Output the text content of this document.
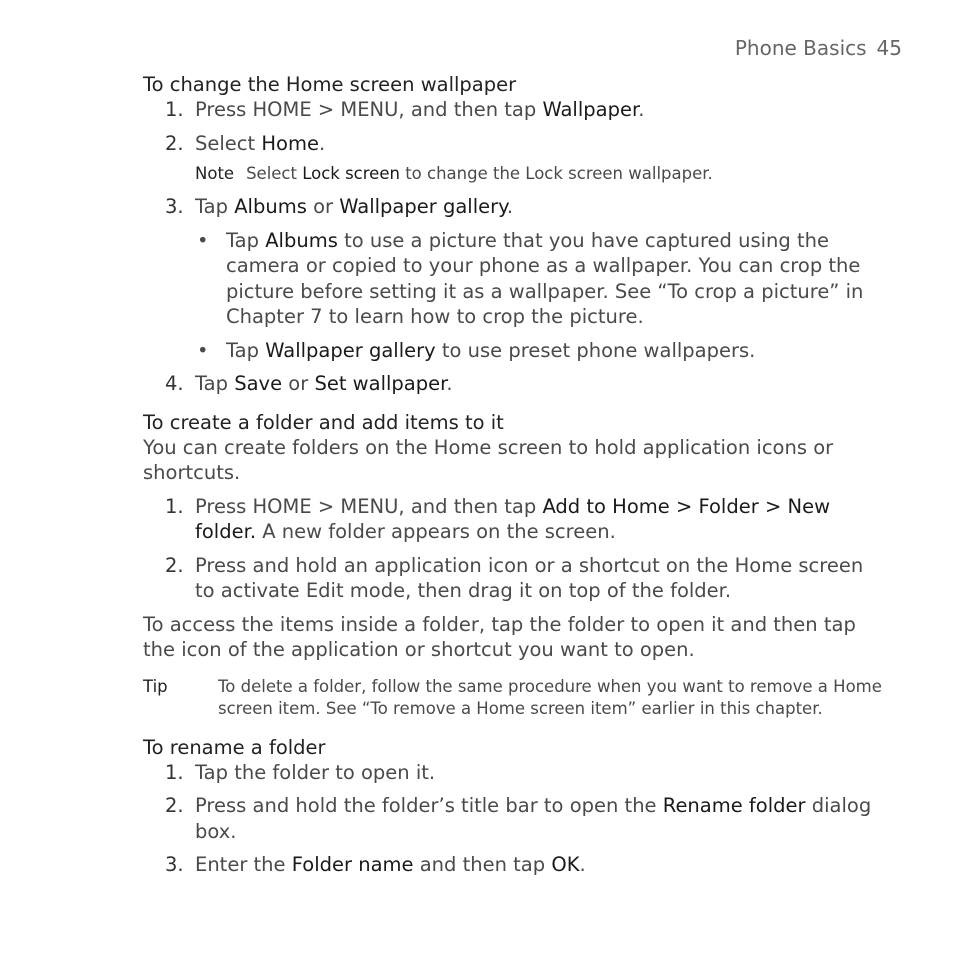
Phone Basics 45
To change the Home screen wallpaper
1. Press HOME > MENU, and then tap Wallpaper.
2. Select Home.
Note Select Lock screen to change the Lock screen wallpaper.
3. Tap Albums or Wallpaper gallery.
• Tap Albums to use a picture that you have captured using the camera or copied to your phone as a wallpaper. You can crop the picture before setting it as a wallpaper. See “To crop a picture” in Chapter 7 to learn how to crop the picture.
• Tap Wallpaper gallery to use preset phone wallpapers.
4. Tap Save or Set wallpaper.
To create a folder and add items to it

You can create folders on the Home screen to hold application icons or shortcuts.

1. Press HOME > MENU, and then tap Add to Home > Folder > New folder. A new folder appears on the screen.
2. Press and hold an application icon or a shortcut on the Home screen to activate Edit mode, then drag it on top of the folder.

To access the items inside a folder, tap the folder to open it and then tap the icon of the application or shortcut you want to open.

Tip	To delete a folder, follow the same procedure when you want to remove a Home screen item. See “To remove a Home screen item” earlier in this chapter.
To rename a folder
1. Tap the folder to open it.
2. Press and hold the folder’s title bar to open the Rename folder dialog box.
3. Enter the Folder name and then tap OK.
